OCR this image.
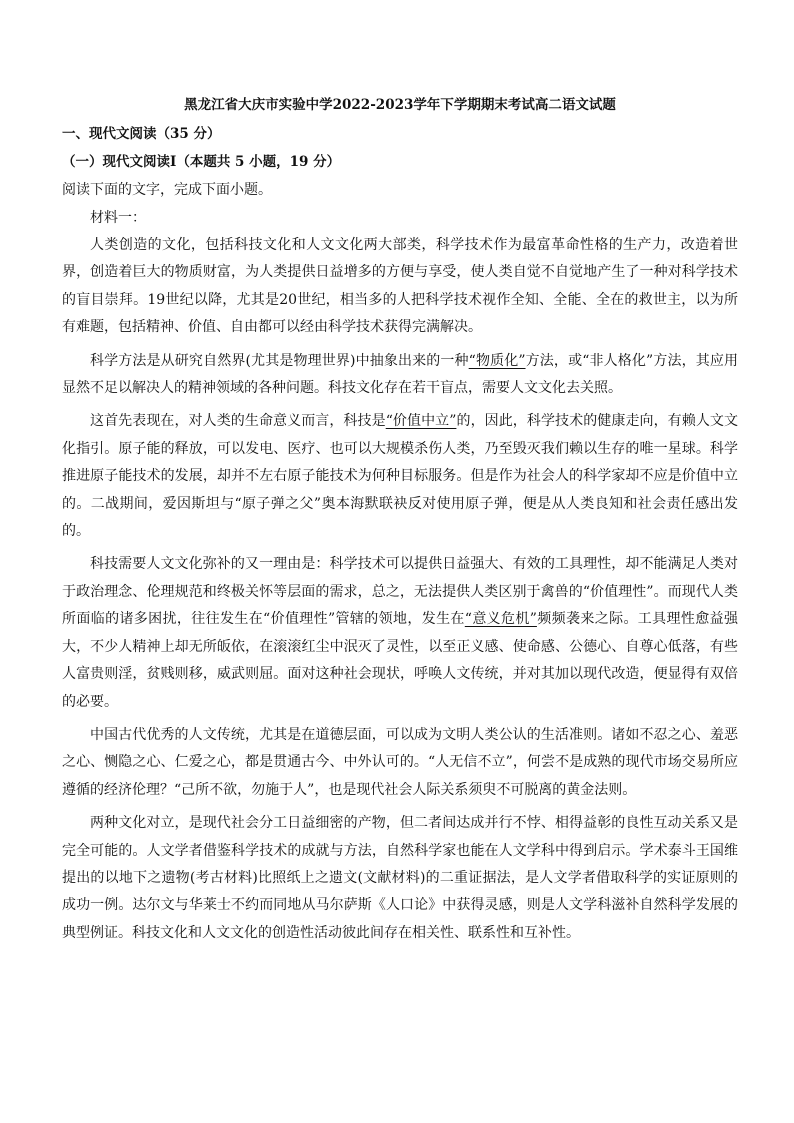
黑龙江省大庆市实验中学2022-2023学年下学期期末考试高二语文试题
一、现代文阅读（35 分）
（一）现代文阅读Ⅰ（本题共 5 小题，19 分）
阅读下面的文字，完成下面小题。
材料一：

人类创造的文化，包括科技文化和人文文化两大部类，科学技术作为最富革命性格的生产力，改造着世界，创造着巨大的物质财富，为人类提供日益增多的方便与享受，使人类自觉不自觉地产生了一种对科学技术的盲目崇拜。19世纪以降，尤其是20世纪，相当多的人把科学技术视作全知、全能、全在的救世主，以为所有难题，包括精神、价值、自由都可以经由科学技术获得完满解决。

科学方法是从研究自然界(尤其是物理世界)中抽象出来的一种“物质化”方法，或“非人格化”方法，其应用显然不足以解决人的精神领域的各种问题。科技文化存在若干盲点，需要人文文化去关照。

这首先表现在，对人类的生命意义而言，科技是“价值中立”的，因此，科学技术的健康走向，有赖人文文化指引。原子能的释放，可以发电、医疗、也可以大规模杀伤人类，乃至毁灭我们赖以生存的唯一星球。科学推进原子能技术的发展，却并不左右原子能技术为何种目标服务。但是作为社会人的科学家却不应是价值中立的。二战期间，爱因斯坦与“原子弹之父”奥本海默联袂反对使用原子弹，便是从人类良知和社会责任感出发的。

科技需要人文文化弥补的又一理由是：科学技术可以提供日益强大、有效的工具理性，却不能满足人类对于政治理念、伦理规范和终极关怀等层面的需求，总之，无法提供人类区别于禽兽的“价值理性”。而现代人类所面临的诸多困扰，往往发生在“价值理性”管辖的领地，发生在“意义危机”频频袭来之际。工具理性愈益强大，不少人精神上却无所皈依，在滚滚红尘中泯灭了灵性，以至正义感、使命感、公德心、自尊心低落，有些人富贵则淫，贫贱则移，威武则屈。面对这种社会现状，呼唤人文传统，并对其加以现代改造，便显得有双倍的必要。

中国古代优秀的人文传统，尤其是在道德层面，可以成为文明人类公认的生活准则。诸如不忍之心、羞恶之心、恻隐之心、仁爱之心，都是贯通古今、中外认可的。“人无信不立”，何尝不是成熟的现代市场交易所应遵循的经济伦理？“己所不欲，勿施于人”，也是现代社会人际关系须臾不可脱离的黄金法则。

两种文化对立，是现代社会分工日益细密的产物，但二者间达成并行不悖、相得益彰的良性互动关系又是完全可能的。人文学者借鉴科学技术的成就与方法，自然科学家也能在人文学科中得到启示。学术泰斗王国维提出的以地下之遗物(考古材料)比照纸上之遗文(文献材料)的二重证据法，是人文学者借取科学的实证原则的成功一例。达尔文与华莱士不约而同地从马尔萨斯《人口论》中获得灵感，则是人文学科滋补自然科学发展的典型例证。科技文化和人文文化的创造性活动彼此间存在相关性、联系性和互补性。
